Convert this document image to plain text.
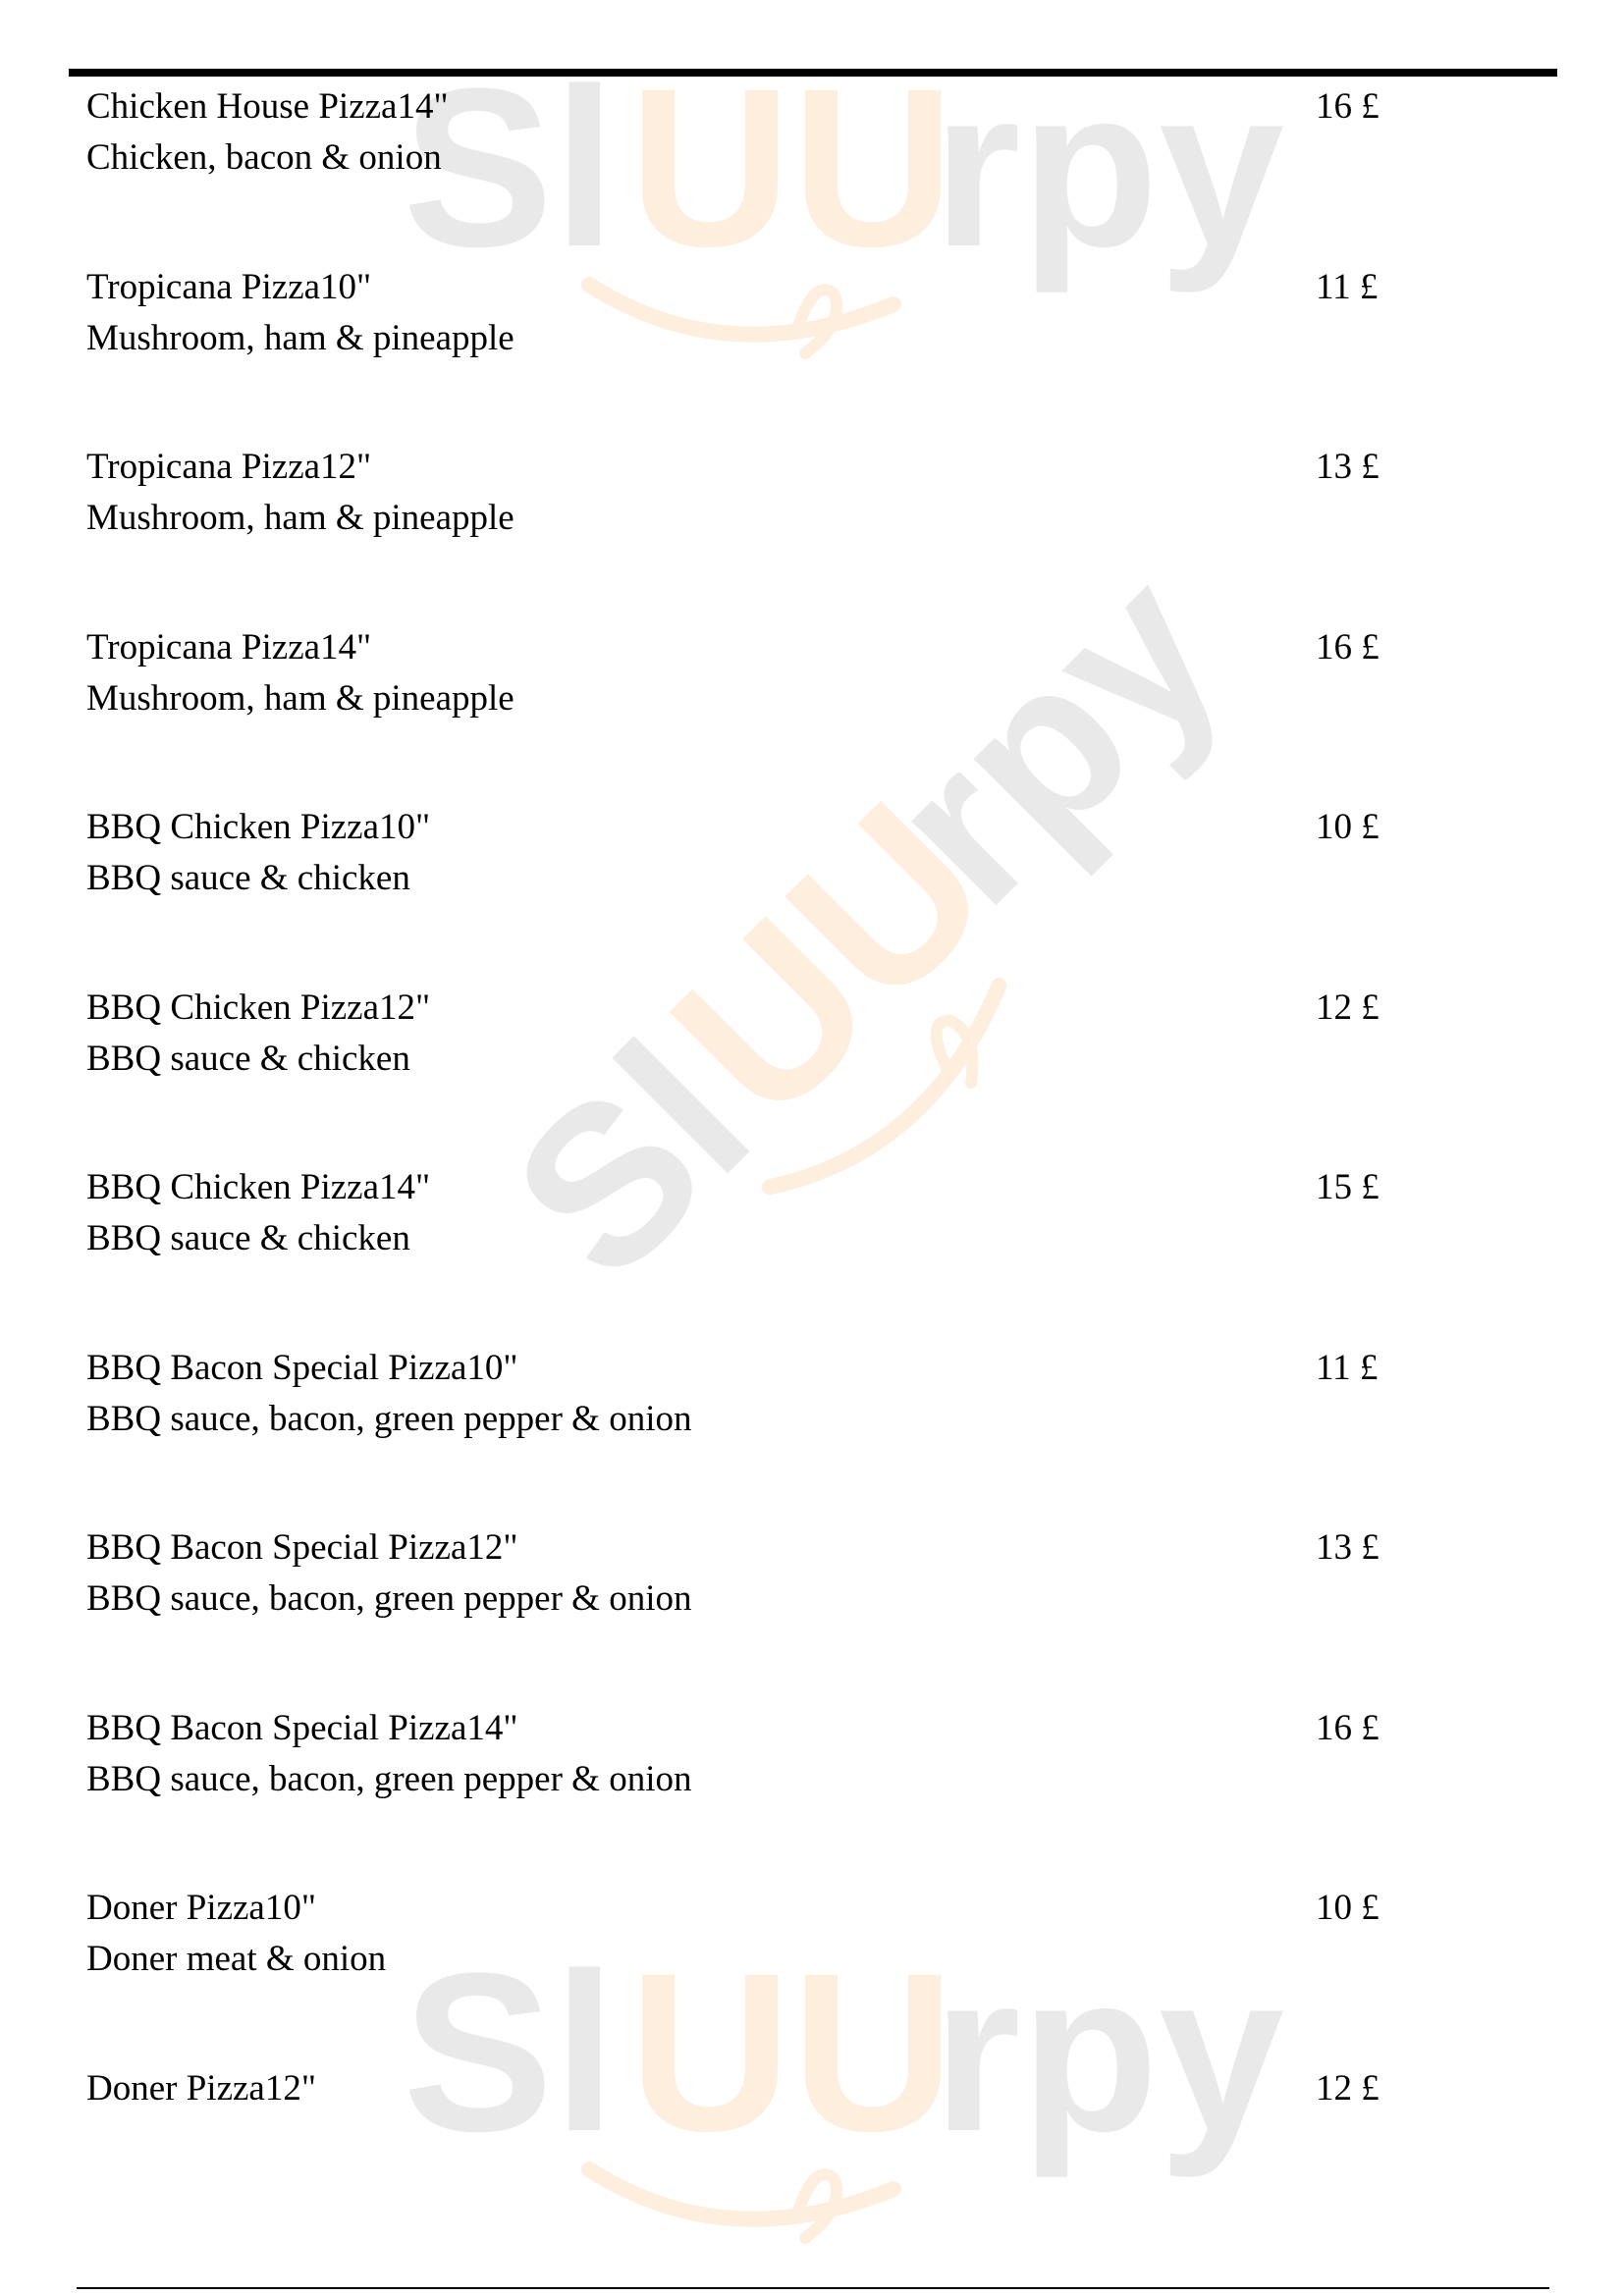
Sl UU
rpy
Sl
UU
rpy
Sl UU
rpy
Chicken House Pizza14"
Chicken, bacon & onion
16 £
Tropicana Pizza10"
Mushroom, ham & pineapple
11 £
Tropicana Pizza12"
Mushroom, ham & pineapple
13 £
Tropicana Pizza14"
Mushroom, ham & pineapple
16 £
BBQ Chicken Pizza10"
BBQ sauce & chicken
10 £
BBQ Chicken Pizza12"
BBQ sauce & chicken
12 £
BBQ Chicken Pizza14"
BBQ sauce & chicken
15 £
BBQ Bacon Special Pizza10"
BBQ sauce, bacon, green pepper & onion
11 £
BBQ Bacon Special Pizza12"
BBQ sauce, bacon, green pepper & onion
13 £
BBQ Bacon Special Pizza14"
BBQ sauce, bacon, green pepper & onion
16 £
Doner Pizza10"
Doner meat & onion
10 £
Doner Pizza12"	12 £
